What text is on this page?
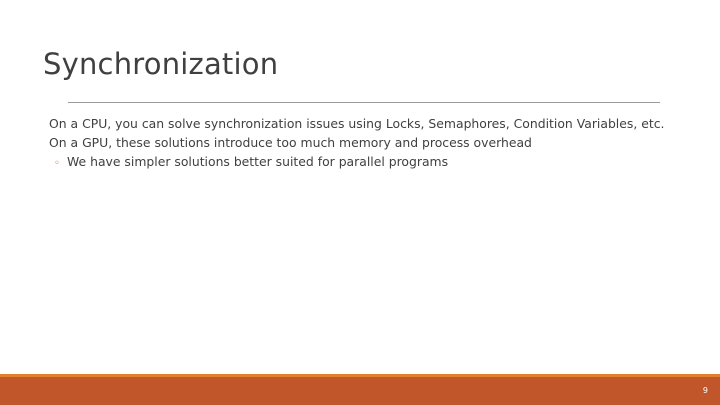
Synchronization
On a CPU, you can solve synchronization issues using Locks, Semaphores, Condition Variables, etc.
On a GPU, these solutions introduce too much memory and process overhead
◦ We have simpler solutions better suited for parallel programs
9
